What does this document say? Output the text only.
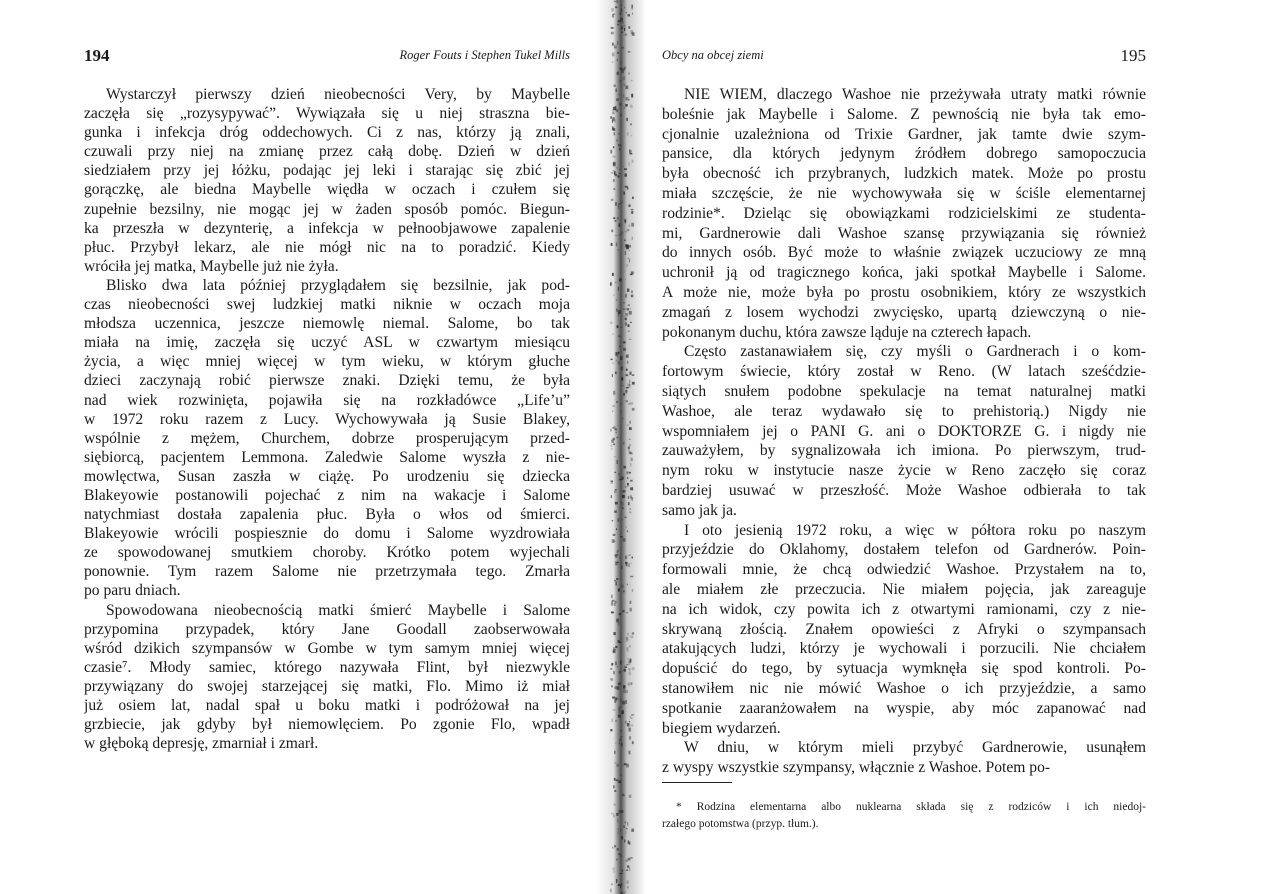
194	Roger Fouts i Stephen Tukel Mills
Wystarczył pierwszy dzień nieobecności Very, by Maybelle
zaczęła się „rozysypywać”. Wywiązała się u niej straszna bie-
gunka i infekcja dróg oddechowych. Ci z nas, którzy ją znali,
czuwali przy niej na zmianę przez całą dobę. Dzień w dzień
siedziałem przy jej łóżku, podając jej leki i starając się zbić jej
gorączkę, ale biedna Maybelle więdła w oczach i czułem się
zupełnie bezsilny, nie mogąc jej w żaden sposób pomóc. Biegun-
ka przeszła w dezynterię, a infekcja w pełnoobjawowe zapalenie
płuc. Przybył lekarz, ale nie mógł nic na to poradzić. Kiedy
wróciła jej matka, Maybelle już nie żyła.
Blisko dwa lata później przyglądałem się bezsilnie, jak pod-
czas nieobecności swej ludzkiej matki niknie w oczach moja
młodsza uczennica, jeszcze niemowlę niemal. Salome, bo tak
miała na imię, zaczęła się uczyć ASL w czwartym miesiącu
życia, a więc mniej więcej w tym wieku, w którym głuche
dzieci zaczynają robić pierwsze znaki. Dzięki temu, że była
nad wiek rozwinięta, pojawiła się na rozkładówce „Life’u”
w 1972 roku razem z Lucy. Wychowywała ją Susie Blakey,
wspólnie z mężem, Churchem, dobrze prosperującym przed-
siębiorcą, pacjentem Lemmona. Zaledwie Salome wyszła z nie-
mowlęctwa, Susan zaszła w ciążę. Po urodzeniu się dziecka
Blakeyowie postanowili pojechać z nim na wakacje i Salome
natychmiast dostała zapalenia płuc. Była o włos od śmierci.
Blakeyowie wrócili pospiesznie do domu i Salome wyzdrowiała
ze spowodowanej smutkiem choroby. Krótko potem wyjechali
ponownie. Tym razem Salome nie przetrzymała tego. Zmarła
po paru dniach.
Spowodowana nieobecnością matki śmierć Maybelle i Salome
przypomina przypadek, który Jane Goodall zaobserwowała
wśród dzikich szympansów w Gombe w tym samym mniej więcej
czasie⁷. Młody samiec, którego nazywała Flint, był niezwykle
przywiązany do swojej starzejącej się matki, Flo. Mimo iż miał
już osiem lat, nadal spał u boku matki i podróżował na jej
grzbiecie, jak gdyby był niemowlęciem. Po zgonie Flo, wpadł
w głęboką depresję, zmarniał i zmarł.
Obcy na obcej ziemi	195
NIE WIEM, dlaczego Washoe nie przeżywała utraty matki równie
boleśnie jak Maybelle i Salome. Z pewnością nie była tak emo-
cjonalnie uzależniona od Trixie Gardner, jak tamte dwie szym-
pansice, dla których jedynym źródłem dobrego samopoczucia
była obecność ich przybranych, ludzkich matek. Może po prostu
miała szczęście, że nie wychowywała się w ściśle elementarnej
rodzinie*. Dzieląc się obowiązkami rodzicielskimi ze studenta-
mi, Gardnerowie dali Washoe szansę przywiązania się również
do innych osób. Być może to właśnie związek uczuciowy ze mną
uchronił ją od tragicznego końca, jaki spotkał Maybelle i Salome.
A może nie, może była po prostu osobnikiem, który ze wszystkich
zmagań z losem wychodzi zwycięsko, upartą dziewczyną o nie-
pokonanym duchu, która zawsze ląduje na czterech łapach.
Często zastanawiałem się, czy myśli o Gardnerach i o kom-
fortowym świecie, który został w Reno. (W latach sześćdzie-
siątych snułem podobne spekulacje na temat naturalnej matki
Washoe, ale teraz wydawało się to prehistorią.) Nigdy nie
wspomniałem jej o PANI G. ani o DOKTORZE G. i nigdy nie
zauważyłem, by sygnalizowała ich imiona. Po pierwszym, trud-
nym roku w instytucie nasze życie w Reno zaczęło się coraz
bardziej usuwać w przeszłość. Może Washoe odbierała to tak
samo jak ja.
I oto jesienią 1972 roku, a więc w półtora roku po naszym
przyjeździe do Oklahomy, dostałem telefon od Gardnerów. Poin-
formowali mnie, że chcą odwiedzić Washoe. Przystałem na to,
ale miałem złe przeczucia. Nie miałem pojęcia, jak zareaguje
na ich widok, czy powita ich z otwartymi ramionami, czy z nie-
skrywaną złością. Znałem opowieści z Afryki o szympansach
atakujących ludzi, którzy je wychowali i porzucili. Nie chciałem
dopuścić do tego, by sytuacja wymknęła się spod kontroli. Po-
stanowiłem nic nie mówić Washoe o ich przyjeździe, a samo
spotkanie zaaranżowałem na wyspie, aby móc zapanować nad
biegiem wydarzeń.
W dniu, w którym mieli przybyć Gardnerowie, usunąłem
z wyspy wszystkie szympansy, włącznie z Washoe. Potem po-
* Rodzina elementarna albo nuklearna składa się z rodziców i ich niedoj-
rzałego potomstwa (przyp. tłum.).
